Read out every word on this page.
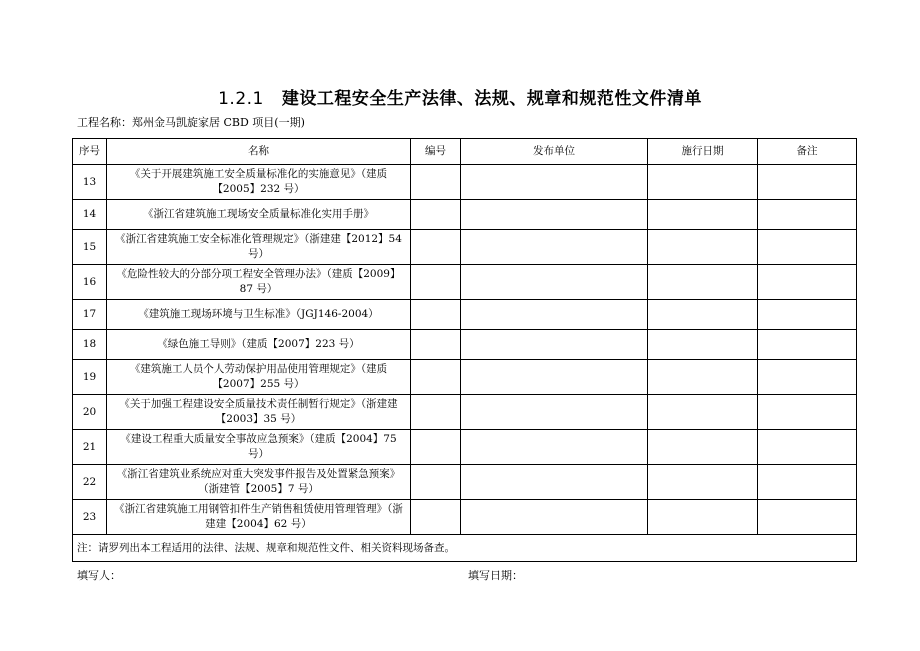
1.2.1 建设工程安全生产法律、法规、规章和规范性文件清单
工程名称：郑州金马凯旋家居 CBD 项目(一期)
序号	名称	编号	发布单位	施行日期	备注
13	《关于开展建筑施工安全质量标准化的实施意见》（建质【2005】232 号）				
14	《浙江省建筑施工现场安全质量标准化实用手册》				
15	《浙江省建筑施工安全标准化管理规定》（浙建建【2012】54 号）				
16	《危险性较大的分部分项工程安全管理办法》（建质【2009】87 号）				
17	《建筑施工现场环境与卫生标准》（JGJ146-2004）				
18	《绿色施工导则》（建质【2007】223 号）				
19	《建筑施工人员个人劳动保护用品使用管理规定》（建质【2007】255 号）				
20	《关于加强工程建设安全质量技术责任制暂行规定》（浙建建【2003】35 号）				
21	《建设工程重大质量安全事故应急预案》（建质【2004】75 号）				
22	《浙江省建筑业系统应对重大突发事件报告及处置紧急预案》（浙建管【2005】7 号）				
23	《浙江省建筑施工用钢管扣件生产销售租赁使用管理管理》（浙建建【2004】62 号）				
注：请罗列出本工程适用的法律、法规、规章和规范性文件、相关资料现场备查。					
填写人：	填写日期：
